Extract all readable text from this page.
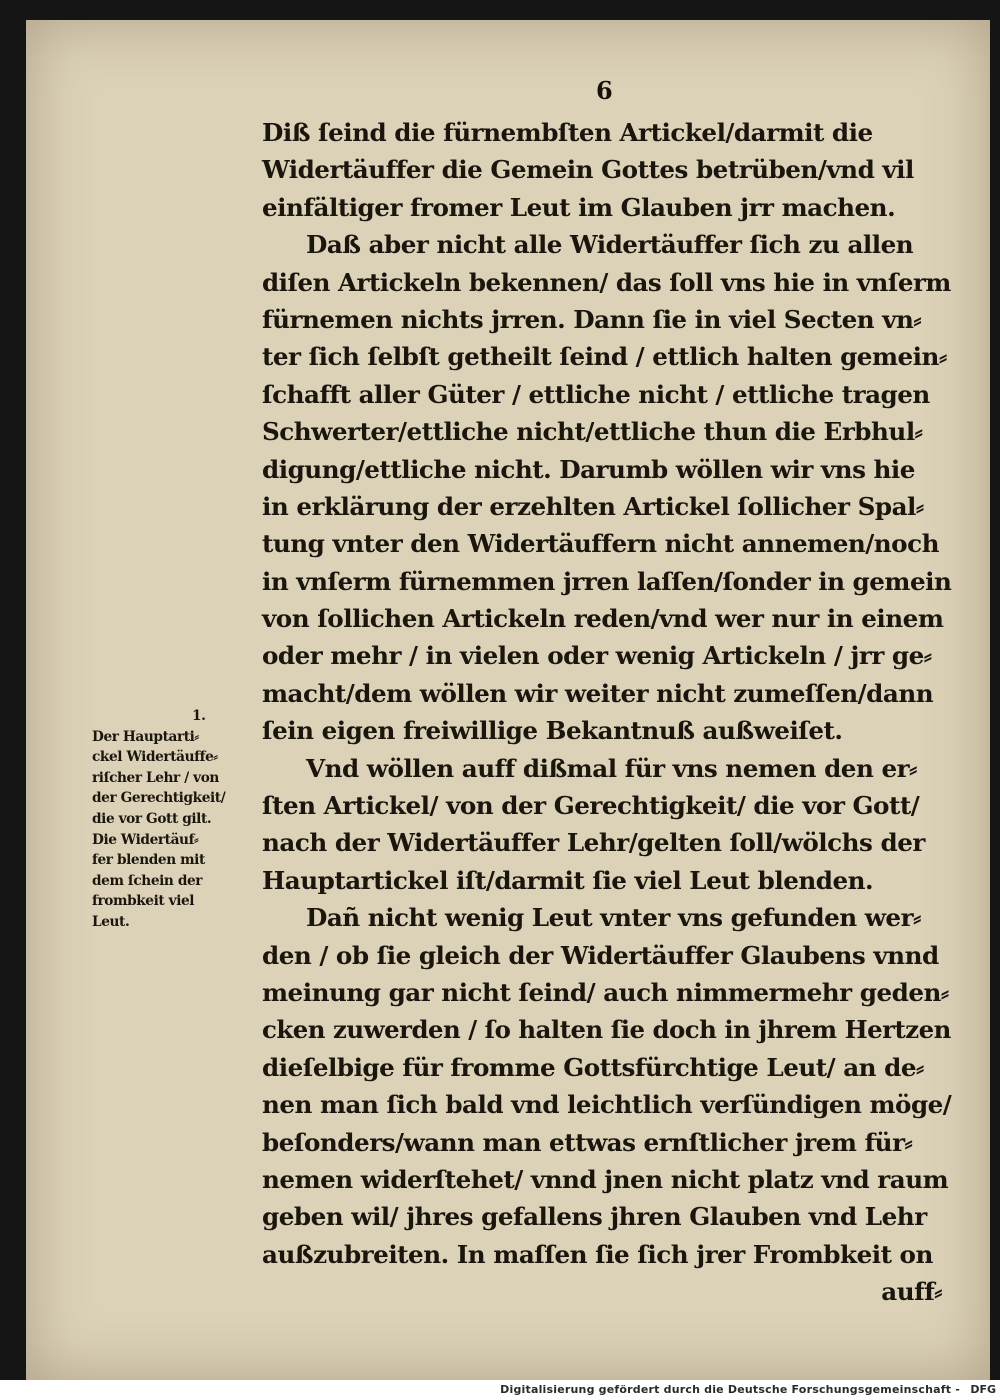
6
Diß ſeind die fürnembſten Artickel/darmit die
Widertäuffer die Gemein Gottes betrüben/vnd vil
einfältiger fromer Leut im Glauben jrr machen.
Daß aber nicht alle Widertäuffer ſich zu allen
diſen Artickeln bekennen/ das ſoll vns hie in vnſerm
fürnemen nichts jrren. Dann ſie in viel Secten vn⸗
ter ſich ſelbſt getheilt ſeind / ettlich halten gemein⸗
ſchafft aller Güter / ettliche nicht / ettliche tragen
Schwerter/ettliche nicht/ettliche thun die Erbhul⸗
digung/ettliche nicht. Darumb wöllen wir vns hie
in erklärung der erzehlten Artickel ſollicher Spal⸗
tung vnter den Widertäuffern nicht annemen/noch
in vnſerm fürnemmen jrren laſſen/ſonder in gemein
von ſollichen Artickeln reden/vnd wer nur in einem
oder mehr / in vielen oder wenig Artickeln / jrr ge⸗
macht/dem wöllen wir weiter nicht zumeſſen/dann
ſein eigen freiwillige Bekantnuß außweiſet.
Vnd wöllen auff dißmal für vns nemen den er⸗
ſten Artickel/ von der Gerechtigkeit/ die vor Gott/
nach der Widertäuffer Lehr/gelten ſoll/wölchs der
Hauptartickel iſt/darmit ſie viel Leut blenden.
Dañ nicht wenig Leut vnter vns gefunden wer⸗
den / ob ſie gleich der Widertäuffer Glaubens vnnd
meinung gar nicht ſeind/ auch nimmermehr geden⸗
cken zuwerden / ſo halten ſie doch in jhrem Hertzen
dieſelbige für fromme Gottsfürchtige Leut/ an de⸗
nen man ſich bald vnd leichtlich verſündigen möge/
beſonders/wann man ettwas ernſtlicher jrem für⸗
nemen widerſtehet/ vnnd jnen nicht platz vnd raum
geben wil/ jhres gefallens jhren Glauben vnd Lehr
außzubreiten. In maſſen ſie ſich jrer Frombkeit on
auff⸗
1.
Der Hauptarti⸗
ckel Widertäuffe⸗
riſcher Lehr / von
der Gerechtigkeit/
die vor Gott gilt.
Die Widertäuf⸗
fer blenden mit
dem ſchein der
frombkeit viel
Leut.
Digitalisierung gefördert durch die Deutsche Forschungsgemeinschaft - DFG
